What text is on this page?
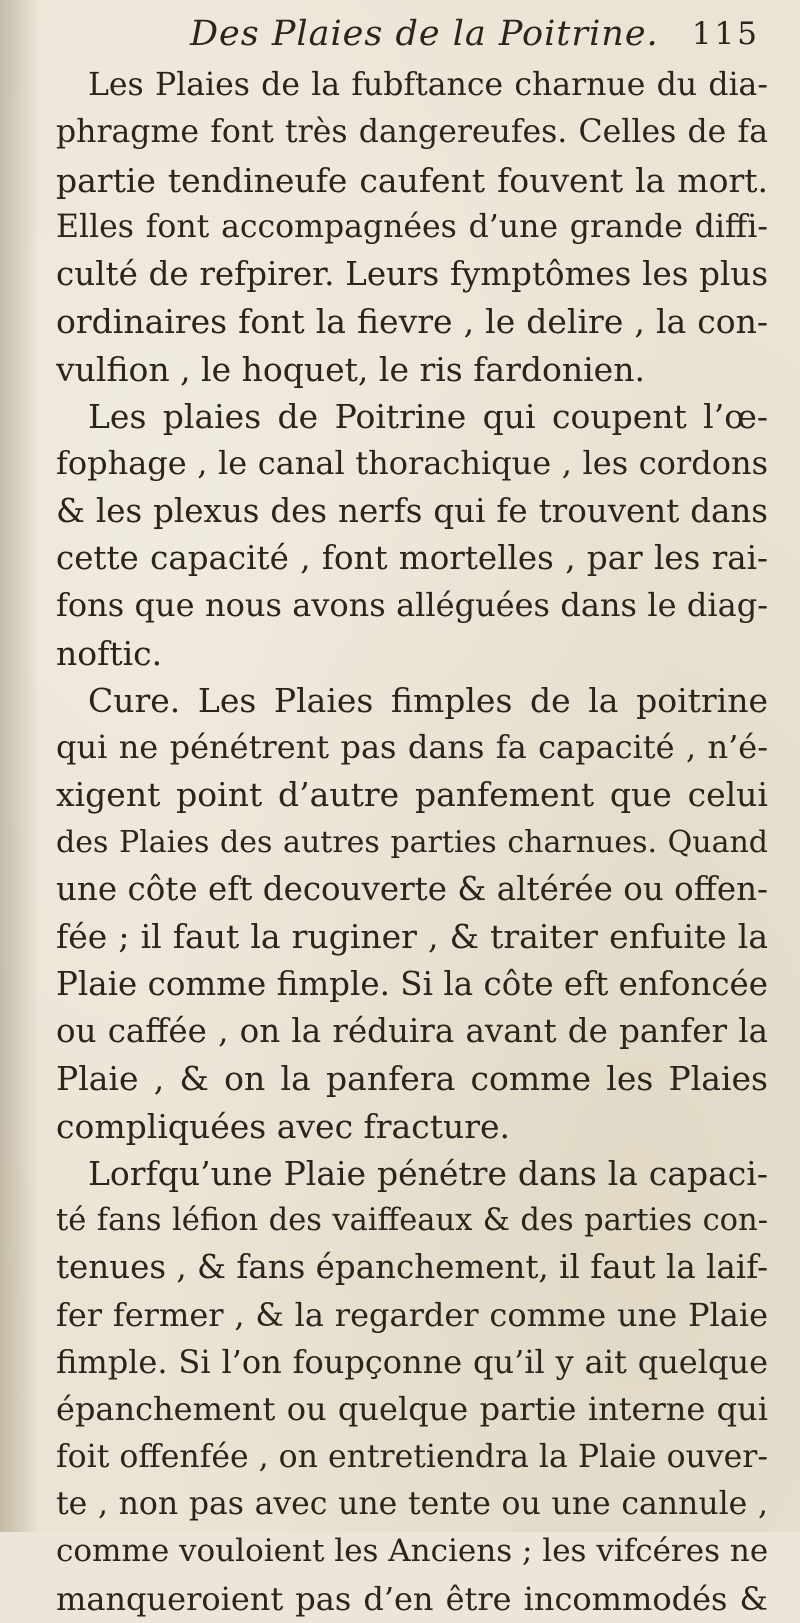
Des Plaies de la Poitrine. 115
Les Plaies de la fubftance charnue du dia-
phragme font très dangereufes. Celles de fa
partie tendineufe caufent fouvent la mort.
Elles font accompagnées d’une grande diffi-
culté de refpirer. Leurs fymptômes les plus
ordinaires font la fievre , le delire , la con-
vulfion , le hoquet, le ris fardonien.
Les plaies de Poitrine qui coupent l’œ-
fophage , le canal thorachique , les cordons
& les plexus des nerfs qui fe trouvent dans
cette capacité , font mortelles , par les rai-
fons que nous avons alléguées dans le diag-
noftic.
Cure. Les Plaies fimples de la poitrine
qui ne pénétrent pas dans fa capacité , n’é-
xigent point d’autre panfement que celui
des Plaies des autres parties charnues. Quand
une côte eft decouverte & altérée ou offen-
fée ; il faut la ruginer , & traiter enfuite la
Plaie comme fimple. Si la côte eft enfoncée
ou caffée , on la réduira avant de panfer la
Plaie , & on la panfera comme les Plaies
compliquées avec fracture.
Lorfqu’une Plaie pénétre dans la capaci-
té fans léfion des vaiffeaux & des parties con-
tenues , & fans épanchement, il faut la laif-
fer fermer , & la regarder comme une Plaie
fimple. Si l’on foupçonne qu’il y ait quelque
épanchement ou quelque partie interne qui
foit offenfée , on entretiendra la Plaie ouver-
te , non pas avec une tente ou une cannule ,
comme vouloient les Anciens ; les vifcéres ne
manqueroient pas d’en être incommodés &
